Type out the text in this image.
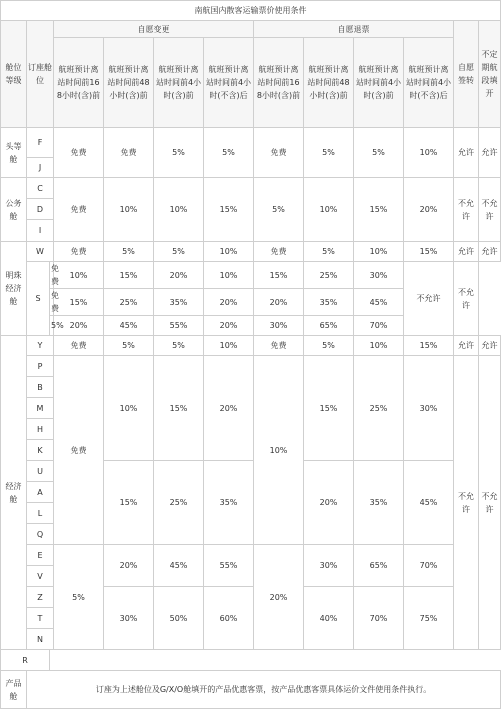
南航国内散客运输票价使用条件												
舱位等级	订座舱位		自愿变更				自愿退票				自愿签转	不定期航段填开
			航班预计离站时间前168小时(含)前	航班预计离站时间前48小时(含)前	航班预计离站时间前4小时(含)前	航班预计离站时间前4小时(不含)后	航班预计离站时间前168小时(含)前	航班预计离站时间前48小时(含)前	航班预计离站时间前4小时(含)前	航班预计离站时间前4小时(不含)后		
头等舱	F		免费	免费	5%	5%	免费	5%	5%	10%	允许	允许
	J											
公务舱	C		免费	10%	10%	15%	5%	10%	15%	20%	不允许	不允许
	D											
	I											
明珠经济舱	W		免费	5%	5%	10%	免费	5%	10%	15%	允许	允许
	S	免费	10%	15%	20%	10%	15%	25%	30%	不允许	不允许	
		免费	15%	25%	35%	20%	20%	35%	45%			
		5%	20%	45%	55%	20%	30%	65%	70%			
经济舱	Y		免费	5%	5%	10%	免费	5%	10%	15%	允许	允许
	P		免费	10%	15%	20%	10%	15%	25%	30%	不允许	不允许
	B											
	M											
	H											
	K											
	U			15%	25%	35%		20%	35%	45%		
	A											
	L											
	Q											
	E		5%	20%	45%	55%	20%	30%	65%	70%		
	V											
	Z			30%	50%	60%		40%	70%	75%		
	T											
	N											
R												
产品舱	订座为上述舱位及G/X/O舱填开的产品优惠客票，按产品优惠客票具体运价文件使用条件执行。											
